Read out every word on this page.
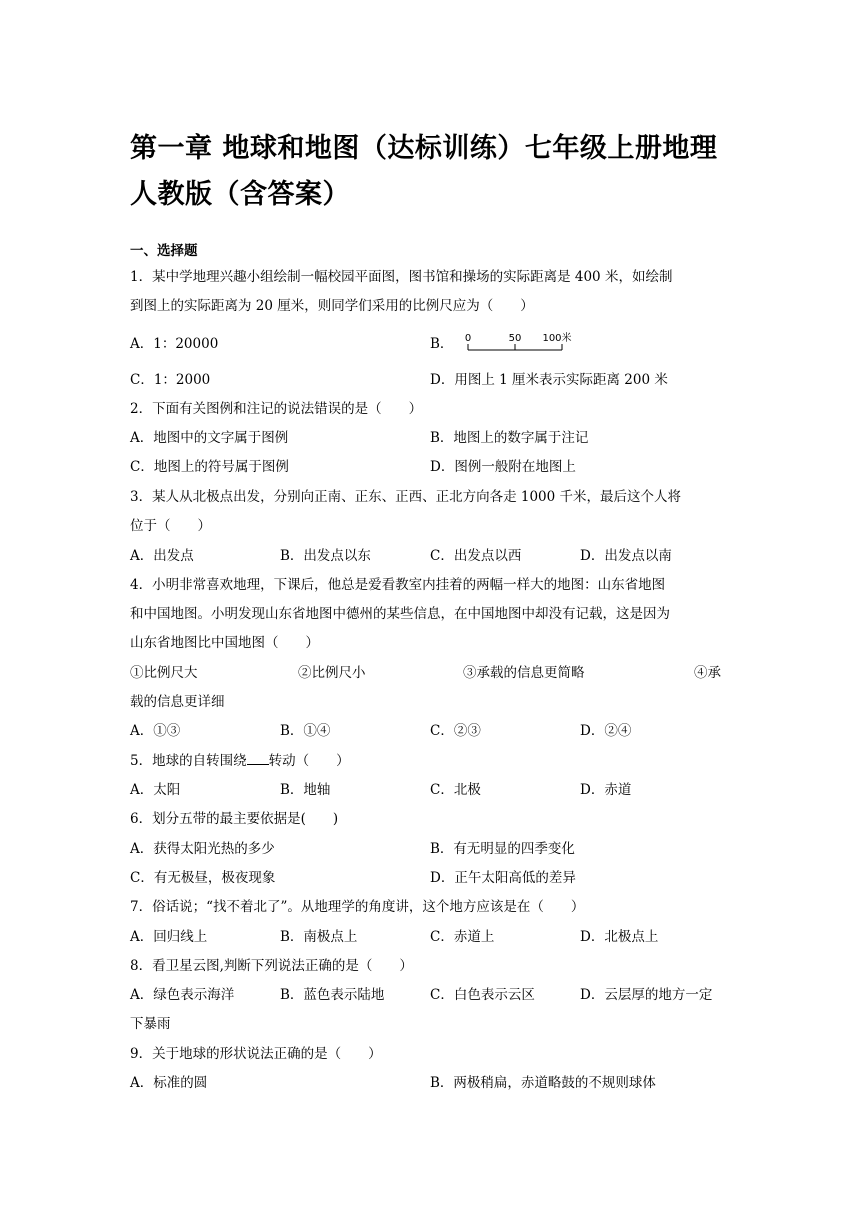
第一章 地球和地图（达标训练）七年级上册地理 人教版（含答案）
一、选择题
1．某中学地理兴趣小组绘制一幅校园平面图，图书馆和操场的实际距离是 400 米，如绘制
到图上的实际距离为 20 厘米，则同学们采用的比例尺应为（　　）
A．1：20000	B． 0	50 100米
C．1：2000	D．用图上 1 厘米表示实际距离 200 米
2．下面有关图例和注记的说法错误的是（　　）
A．地图中的文字属于图例	B．地图上的数字属于注记
C．地图上的符号属于图例	D．图例一般附在地图上
3．某人从北极点出发，分别向正南、正东、正西、正北方向各走 1000 千米，最后这个人将
位于（　　）
A．出发点	B．出发点以东	C．出发点以西	D．出发点以南
4．小明非常喜欢地理，下课后，他总是爱看教室内挂着的两幅一样大的地图：山东省地图
和中国地图。小明发现山东省地图中德州的某些信息，在中国地图中却没有记载，这是因为
山东省地图比中国地图（　　）
①比例尺大	②比例尺小	③承载的信息更简略	④承
载的信息更详细
A．①③	B．①④	C．②③	D．②④
5．地球的自转围绕 转动（　　）
A．太阳	B．地轴	C．北极	D．赤道
6．划分五带的最主要依据是(　　)
A．获得太阳光热的多少	B．有无明显的四季变化
C．有无极昼，极夜现象	D．正午太阳高低的差异
7．俗话说；“找不着北了”。从地理学的角度讲，这个地方应该是在（　　）
A．回归线上	B．南极点上	C．赤道上	D．北极点上
8．看卫星云图,判断下列说法正确的是（　　）
A．绿色表示海洋	B．蓝色表示陆地	C．白色表示云区	D．云层厚的地方一定
下暴雨
9．关于地球的形状说法正确的是（　　）
A．标准的圆	B．两极稍扁，赤道略鼓的不规则球体
